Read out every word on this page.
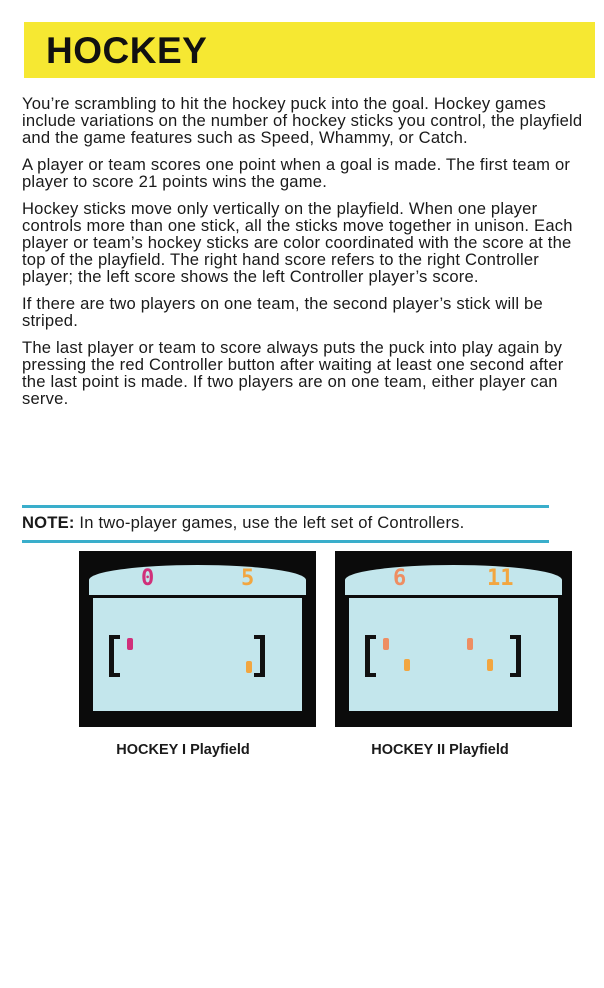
HOCKEY

You’re scrambling to hit the hockey puck into the goal. Hockey games include variations on the number of hockey sticks you control, the playfield and the game features such as Speed, Whammy, or Catch.

A player or team scores one point when a goal is made. The first team or player to score 21 points wins the game.

Hockey sticks move only vertically on the playfield. When one player controls more than one stick, all the sticks move together in unison. Each player or team’s hockey sticks are color coordinated with the score at the top of the playfield. The right hand score refers to the right Controller player; the left score shows the left Controller player’s score.

If there are two players on one team, the second player’s stick will be striped.

The last player or team to score always puts the puck into play again by pressing the red Controller button after waiting at least one second after the last point is made. If two players are on one team, either player can serve.

NOTE: In two-player games, use the left set of Controllers.
0	5	6	11
HOCKEY I Playfield	HOCKEY II Playfield
